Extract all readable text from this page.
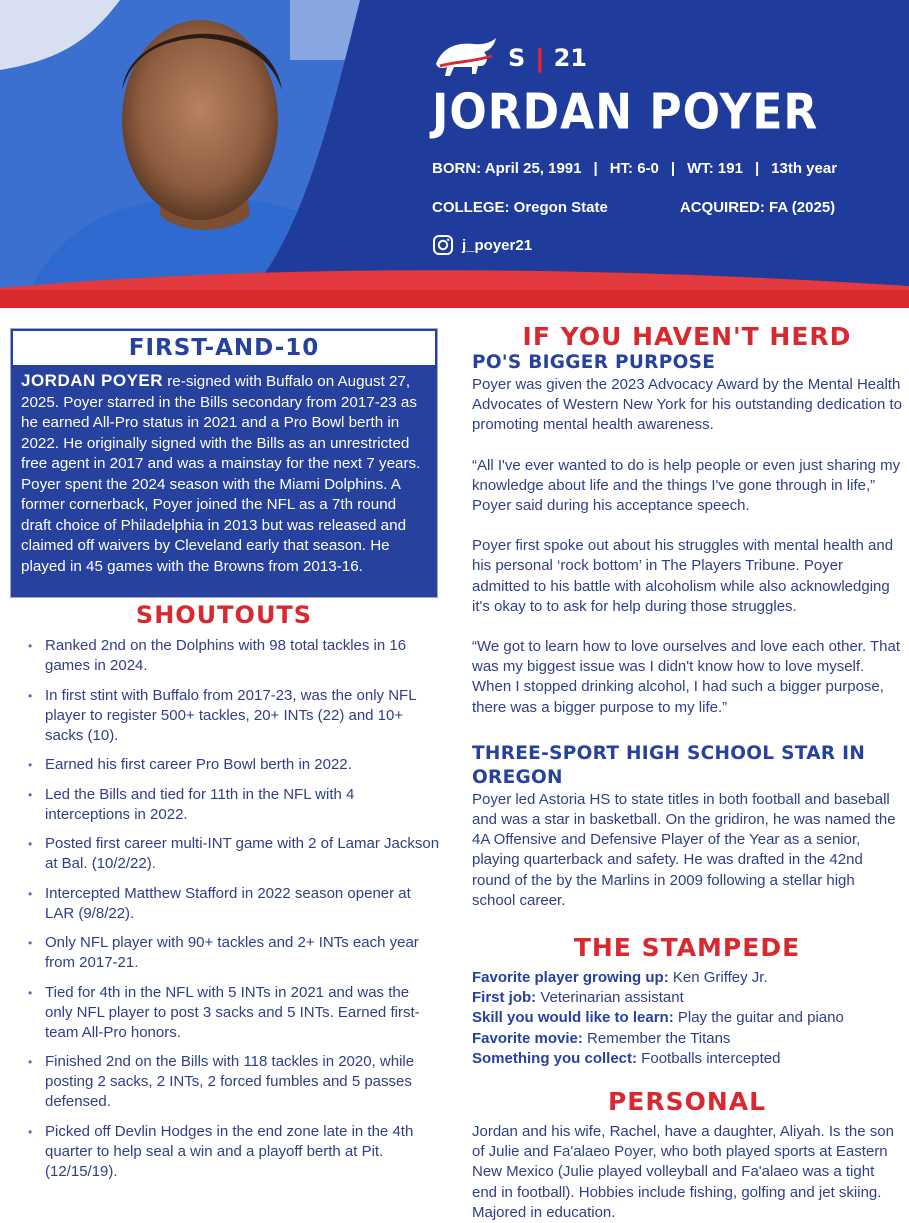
S | 21
JORDAN POYER
BORN: April 25, 1991 | HT: 6-0 | WT: 191 | 13th year
COLLEGE: Oregon State	ACQUIRED: FA (2025)
j_poyer21
FIRST-AND-10
JORDAN POYER re-signed with Buffalo on August 27, 2025. Poyer starred in the Bills secondary from 2017-23 as he earned All-Pro status in 2021 and a Pro Bowl berth in 2022. He originally signed with the Bills as an unrestricted free agent in 2017 and was a mainstay for the next 7 years. Poyer spent the 2024 season with the Miami Dolphins. A former cornerback, Poyer joined the NFL as a 7th round draft choice of Philadelphia in 2013 but was released and claimed off waivers by Cleveland early that season. He played in 45 games with the Browns from 2013-16.
SHOUTOUTS
• Ranked 2nd on the Dolphins with 98 total tackles in 16 games in 2024.
• In first stint with Buffalo from 2017-23, was the only NFL player to register 500+ tackles, 20+ INTs (22) and 10+ sacks (10).
• Earned his first career Pro Bowl berth in 2022.
• Led the Bills and tied for 11th in the NFL with 4 interceptions in 2022.
• Posted first career multi-INT game with 2 of Lamar Jackson at Bal. (10/2/22).
• Intercepted Matthew Stafford in 2022 season opener at LAR (9/8/22).
• Only NFL player with 90+ tackles and 2+ INTs each year from 2017-21.
• Tied for 4th in the NFL with 5 INTs in 2021 and was the only NFL player to post 3 sacks and 5 INTs. Earned first-team All-Pro honors.
• Finished 2nd on the Bills with 118 tackles in 2020, while posting 2 sacks, 2 INTs, 2 forced fumbles and 5 passes defensed.
• Picked off Devlin Hodges in the end zone late in the 4th quarter to help seal a win and a playoff berth at Pit. (12/15/19).
IF YOU HAVEN'T HERD
PO'S BIGGER PURPOSE

Poyer was given the 2023 Advocacy Award by the Mental Health Advocates of Western New York for his outstanding dedication to promoting mental health awareness.

“All I've ever wanted to do is help people or even just sharing my knowledge about life and the things I've gone through in life,” Poyer said during his acceptance speech.

Poyer first spoke out about his struggles with mental health and his personal ‘rock bottom’ in The Players Tribune. Poyer admitted to his battle with alcoholism while also acknowledging it's okay to to ask for help during those struggles.

“We got to learn how to love ourselves and love each other. That was my biggest issue was I didn't know how to love myself. When I stopped drinking alcohol, I had such a bigger purpose, there was a bigger purpose to my life.”

THREE-SPORT HIGH SCHOOL STAR IN OREGON

Poyer led Astoria HS to state titles in both football and baseball and was a star in basketball. On the gridiron, he was named the 4A Offensive and Defensive Player of the Year as a senior, playing quarterback and safety. He was drafted in the 42nd round of the by the Marlins in 2009 following a stellar high school career.

THE STAMPEDE
Favorite player growing up: Ken Griffey Jr.
First job: Veterinarian assistant
Skill you would like to learn: Play the guitar and piano
Favorite movie: Remember the Titans
Something you collect: Footballs intercepted
PERSONAL

Jordan and his wife, Rachel, have a daughter, Aliyah. Is the son of Julie and Fa'alaeo Poyer, who both played sports at Eastern New Mexico (Julie played volleyball and Fa'alaeo was a tight end in football). Hobbies include fishing, golfing and jet skiing. Majored in education.
